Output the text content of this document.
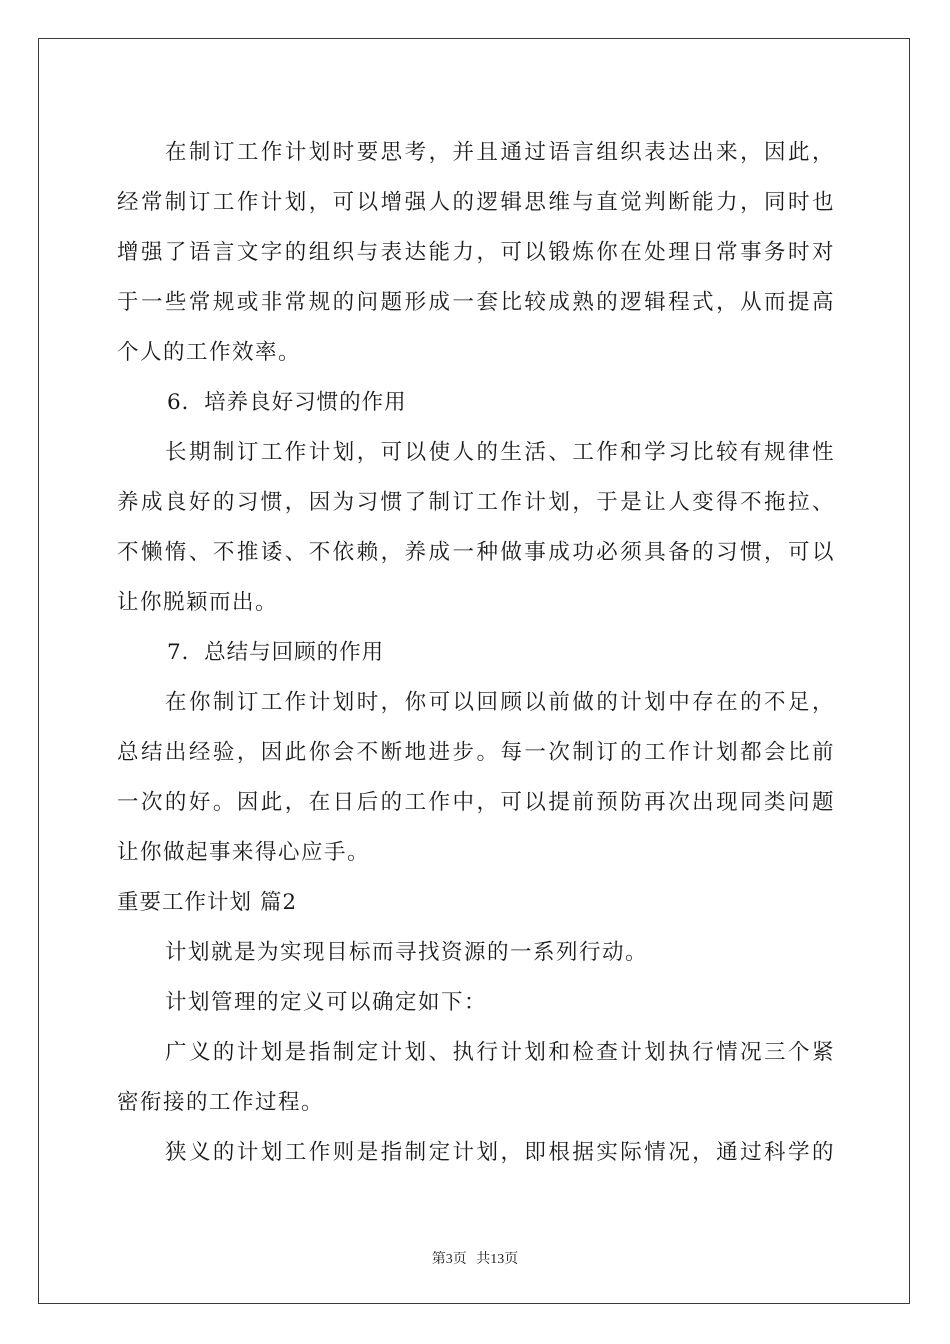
在制订工作计划时要思考，并且通过语言组织表达出来，因此，
经常制订工作计划，可以增强人的逻辑思维与直觉判断能力，同时也
增强了语言文字的组织与表达能力，可以锻炼你在处理日常事务时对
于一些常规或非常规的问题形成一套比较成熟的逻辑程式，从而提高
个人的工作效率。
6．培养良好习惯的作用
长期制订工作计划，可以使人的生活、工作和学习比较有规律性
养成良好的习惯，因为习惯了制订工作计划，于是让人变得不拖拉、
不懒惰、不推诿、不依赖，养成一种做事成功必须具备的习惯，可以
让你脱颖而出。
7．总结与回顾的作用
在你制订工作计划时，你可以回顾以前做的计划中存在的不足，
总结出经验，因此你会不断地进步。每一次制订的工作计划都会比前
一次的好。因此，在日后的工作中，可以提前预防再次出现同类问题
让你做起事来得心应手。
重要工作计划 篇2
计划就是为实现目标而寻找资源的一系列行动。
计划管理的定义可以确定如下：
广义的计划是指制定计划、执行计划和检查计划执行情况三个紧
密衔接的工作过程。
狭义的计划工作则是指制定计划，即根据实际情况，通过科学的
第3页 共13页
